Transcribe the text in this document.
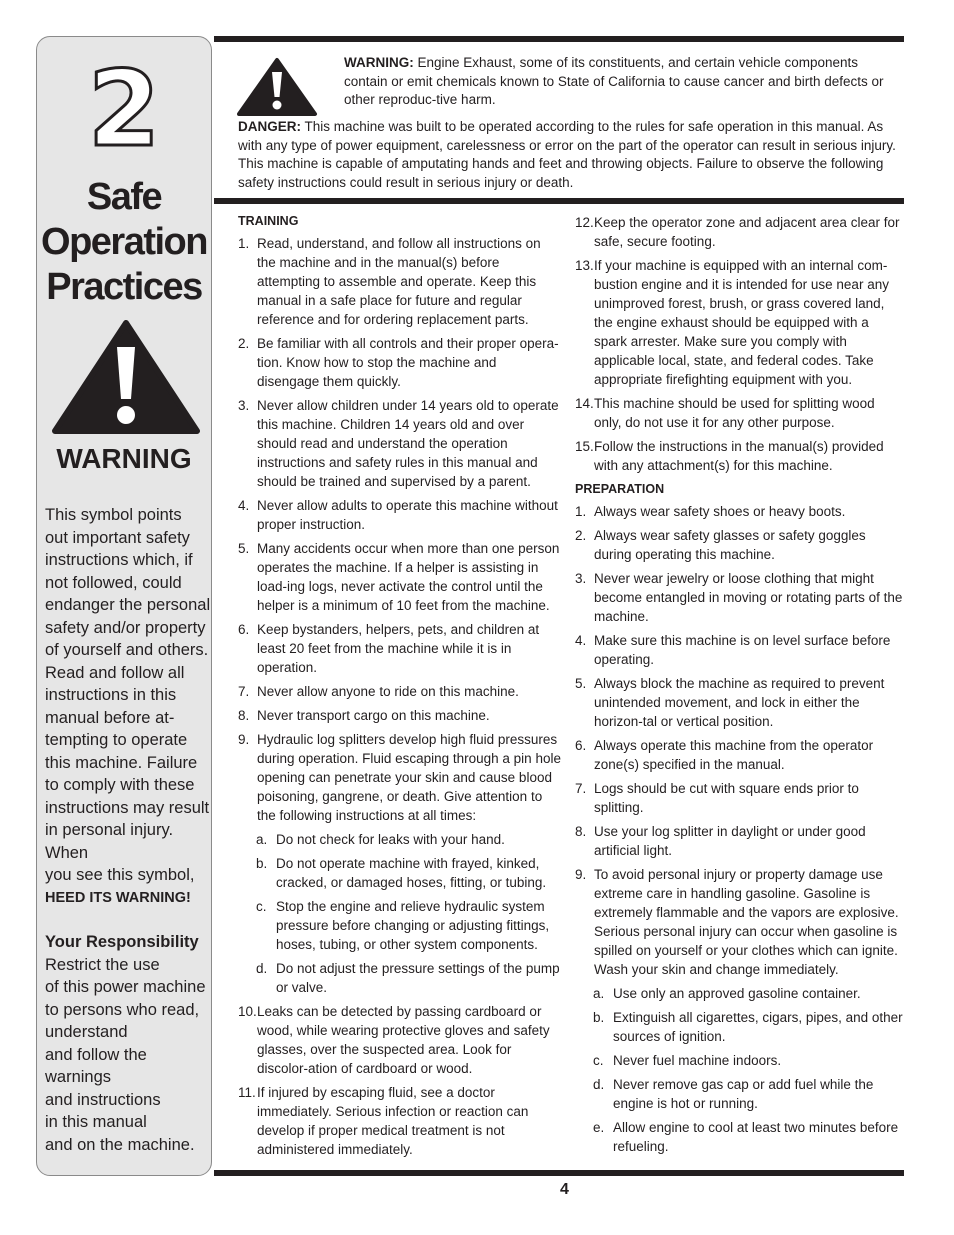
2
Safe
Operation
Practices
WARNING
This symbol points
out important safety
instructions which, if
not followed, could
endanger the personal
safety and/or property
of yourself and others.
Read and follow all
instructions in this
manual before at-
tempting to operate
this machine. Failure
to comply with these
instructions may result
in personal injury. When
you see this symbol,
HEED ITS WARNING!
Your Responsibility
Restrict the use
of this power machine
to persons who read,
understand
and follow the warnings
and instructions
in this manual
and on the machine.
WARNING: Engine Exhaust, some of its constituents, and certain vehicle components contain or emit chemicals known to State of California to cause cancer and birth defects or other reproduc-tive harm.
DANGER: This machine was built to be operated according to the rules for safe operation in this manual. As with any type of power equipment, carelessness or error on the part of the operator can result in serious injury. This machine is capable of amputating hands and feet and throwing objects. Failure to observe the following safety instructions could result in serious injury or death.
TRAINING
1. Read, understand, and follow all instructions on the machine and in the manual(s) before attempting to assemble and operate. Keep this manual in a safe place for future and regular reference and for ordering replacement parts.
2. Be familiar with all controls and their proper opera-tion. Know how to stop the machine and disengage them quickly.
3. Never allow children under 14 years old to operate this machine. Children 14 years old and over should read and understand the operation instructions and safety rules in this manual and should be trained and supervised by a parent.
4. Never allow adults to operate this machine without proper instruction.
5. Many accidents occur when more than one person operates the machine. If a helper is assisting in load-ing logs, never activate the control until the helper is a minimum of 10 feet from the machine.
6. Keep bystanders, helpers, pets, and children at least 20 feet from the machine while it is in operation.
7. Never allow anyone to ride on this machine.
8. Never transport cargo on this machine.
9. Hydraulic log splitters develop high fluid pressures during operation. Fluid escaping through a pin hole opening can penetrate your skin and cause blood poisoning, gangrene, or death. Give attention to the following instructions at all times:
a. Do not check for leaks with your hand.
b. Do not operate machine with frayed, kinked, cracked, or damaged hoses, fitting, or tubing.
c. Stop the engine and relieve hydraulic system pressure before changing or adjusting fittings, hoses, tubing, or other system components.
d. Do not adjust the pressure settings of the pump or valve.
10. Leaks can be detected by passing cardboard or wood, while wearing protective gloves and safety glasses, over the suspected area. Look for discolor-ation of cardboard or wood.
11. If injured by escaping fluid, see a doctor immediately. Serious infection or reaction can develop if proper medical treatment is not administered immediately.
12. Keep the operator zone and adjacent area clear for safe, secure footing.
13. If your machine is equipped with an internal com-bustion engine and it is intended for use near any unimproved forest, brush, or grass covered land, the engine exhaust should be equipped with a spark arrester. Make sure you comply with applicable local, state, and federal codes. Take appropriate firefighting equipment with you.
14. This machine should be used for splitting wood only, do not use it for any other purpose.
15. Follow the instructions in the manual(s) provided with any attachment(s) for this machine.
PREPARATION
1. Always wear safety shoes or heavy boots.
2. Always wear safety glasses or safety goggles during operating this machine.
3. Never wear jewelry or loose clothing that might become entangled in moving or rotating parts of the machine.
4. Make sure this machine is on level surface before operating.
5. Always block the machine as required to prevent unintended movement, and lock in either the horizon-tal or vertical position.
6. Always operate this machine from the operator zone(s) specified in the manual.
7. Logs should be cut with square ends prior to splitting.
8. Use your log splitter in daylight or under good artificial light.
9. To avoid personal injury or property damage use extreme care in handling gasoline. Gasoline is extremely flammable and the vapors are explosive. Serious personal injury can occur when gasoline is spilled on yourself or your clothes which can ignite. Wash your skin and change immediately.
a. Use only an approved gasoline container.
b. Extinguish all cigarettes, cigars, pipes, and other sources of ignition.
c. Never fuel machine indoors.
d. Never remove gas cap or add fuel while the engine is hot or running.
e. Allow engine to cool at least two minutes before refueling.
4
